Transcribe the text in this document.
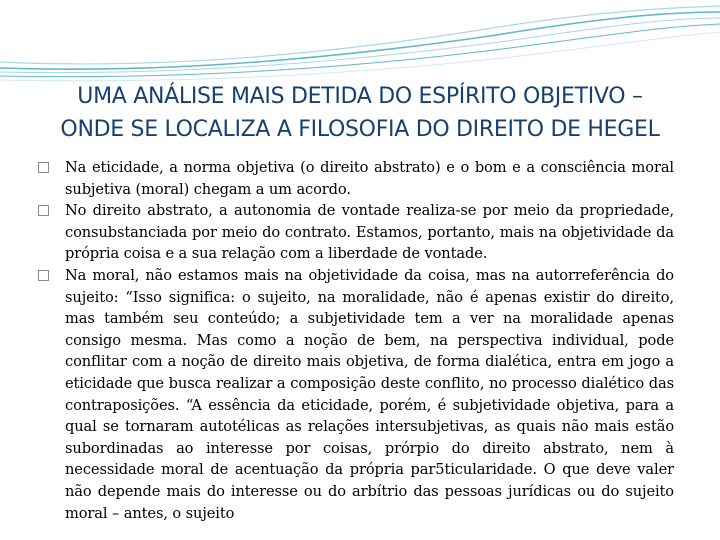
UMA ANÁLISE MAIS DETIDA DO ESPÍRITO OBJETIVO –
ONDE SE LOCALIZA A FILOSOFIA DO DIREITO DE HEGEL
Na eticidade, a norma objetiva (o direito abstrato) e o bom e a consciência moral subjetiva (moral) chegam a um acordo.
No direito abstrato, a autonomia de vontade realiza-se por meio da propriedade, consubstanciada por meio do contrato. Estamos, portanto, mais na objetividade da própria coisa e a sua relação com a liberdade de vontade.
Na moral, não estamos mais na objetividade da coisa, mas na autorreferência do sujeito: “Isso significa: o sujeito, na moralidade, não é apenas existir do direito, mas também seu conteúdo; a subjetividade tem a ver na moralidade apenas consigo mesma. Mas como a noção de bem, na perspectiva individual, pode conflitar com a noção de direito mais objetiva, de forma dialética, entra em jogo a eticidade que busca realizar a composição deste conflito, no processo dialético das contraposições. “A essência da eticidade, porém, é subjetividade objetiva, para a qual se tornaram autotélicas as relações intersubjetivas, as quais não mais estão subordinadas ao interesse por coisas, prórpio do direito abstrato, nem à necessidade moral de acentuação da própria par5ticularidade. O que deve valer não depende mais do interesse ou do arbítrio das pessoas jurídicas ou do sujeito moral – antes, o sujeito
